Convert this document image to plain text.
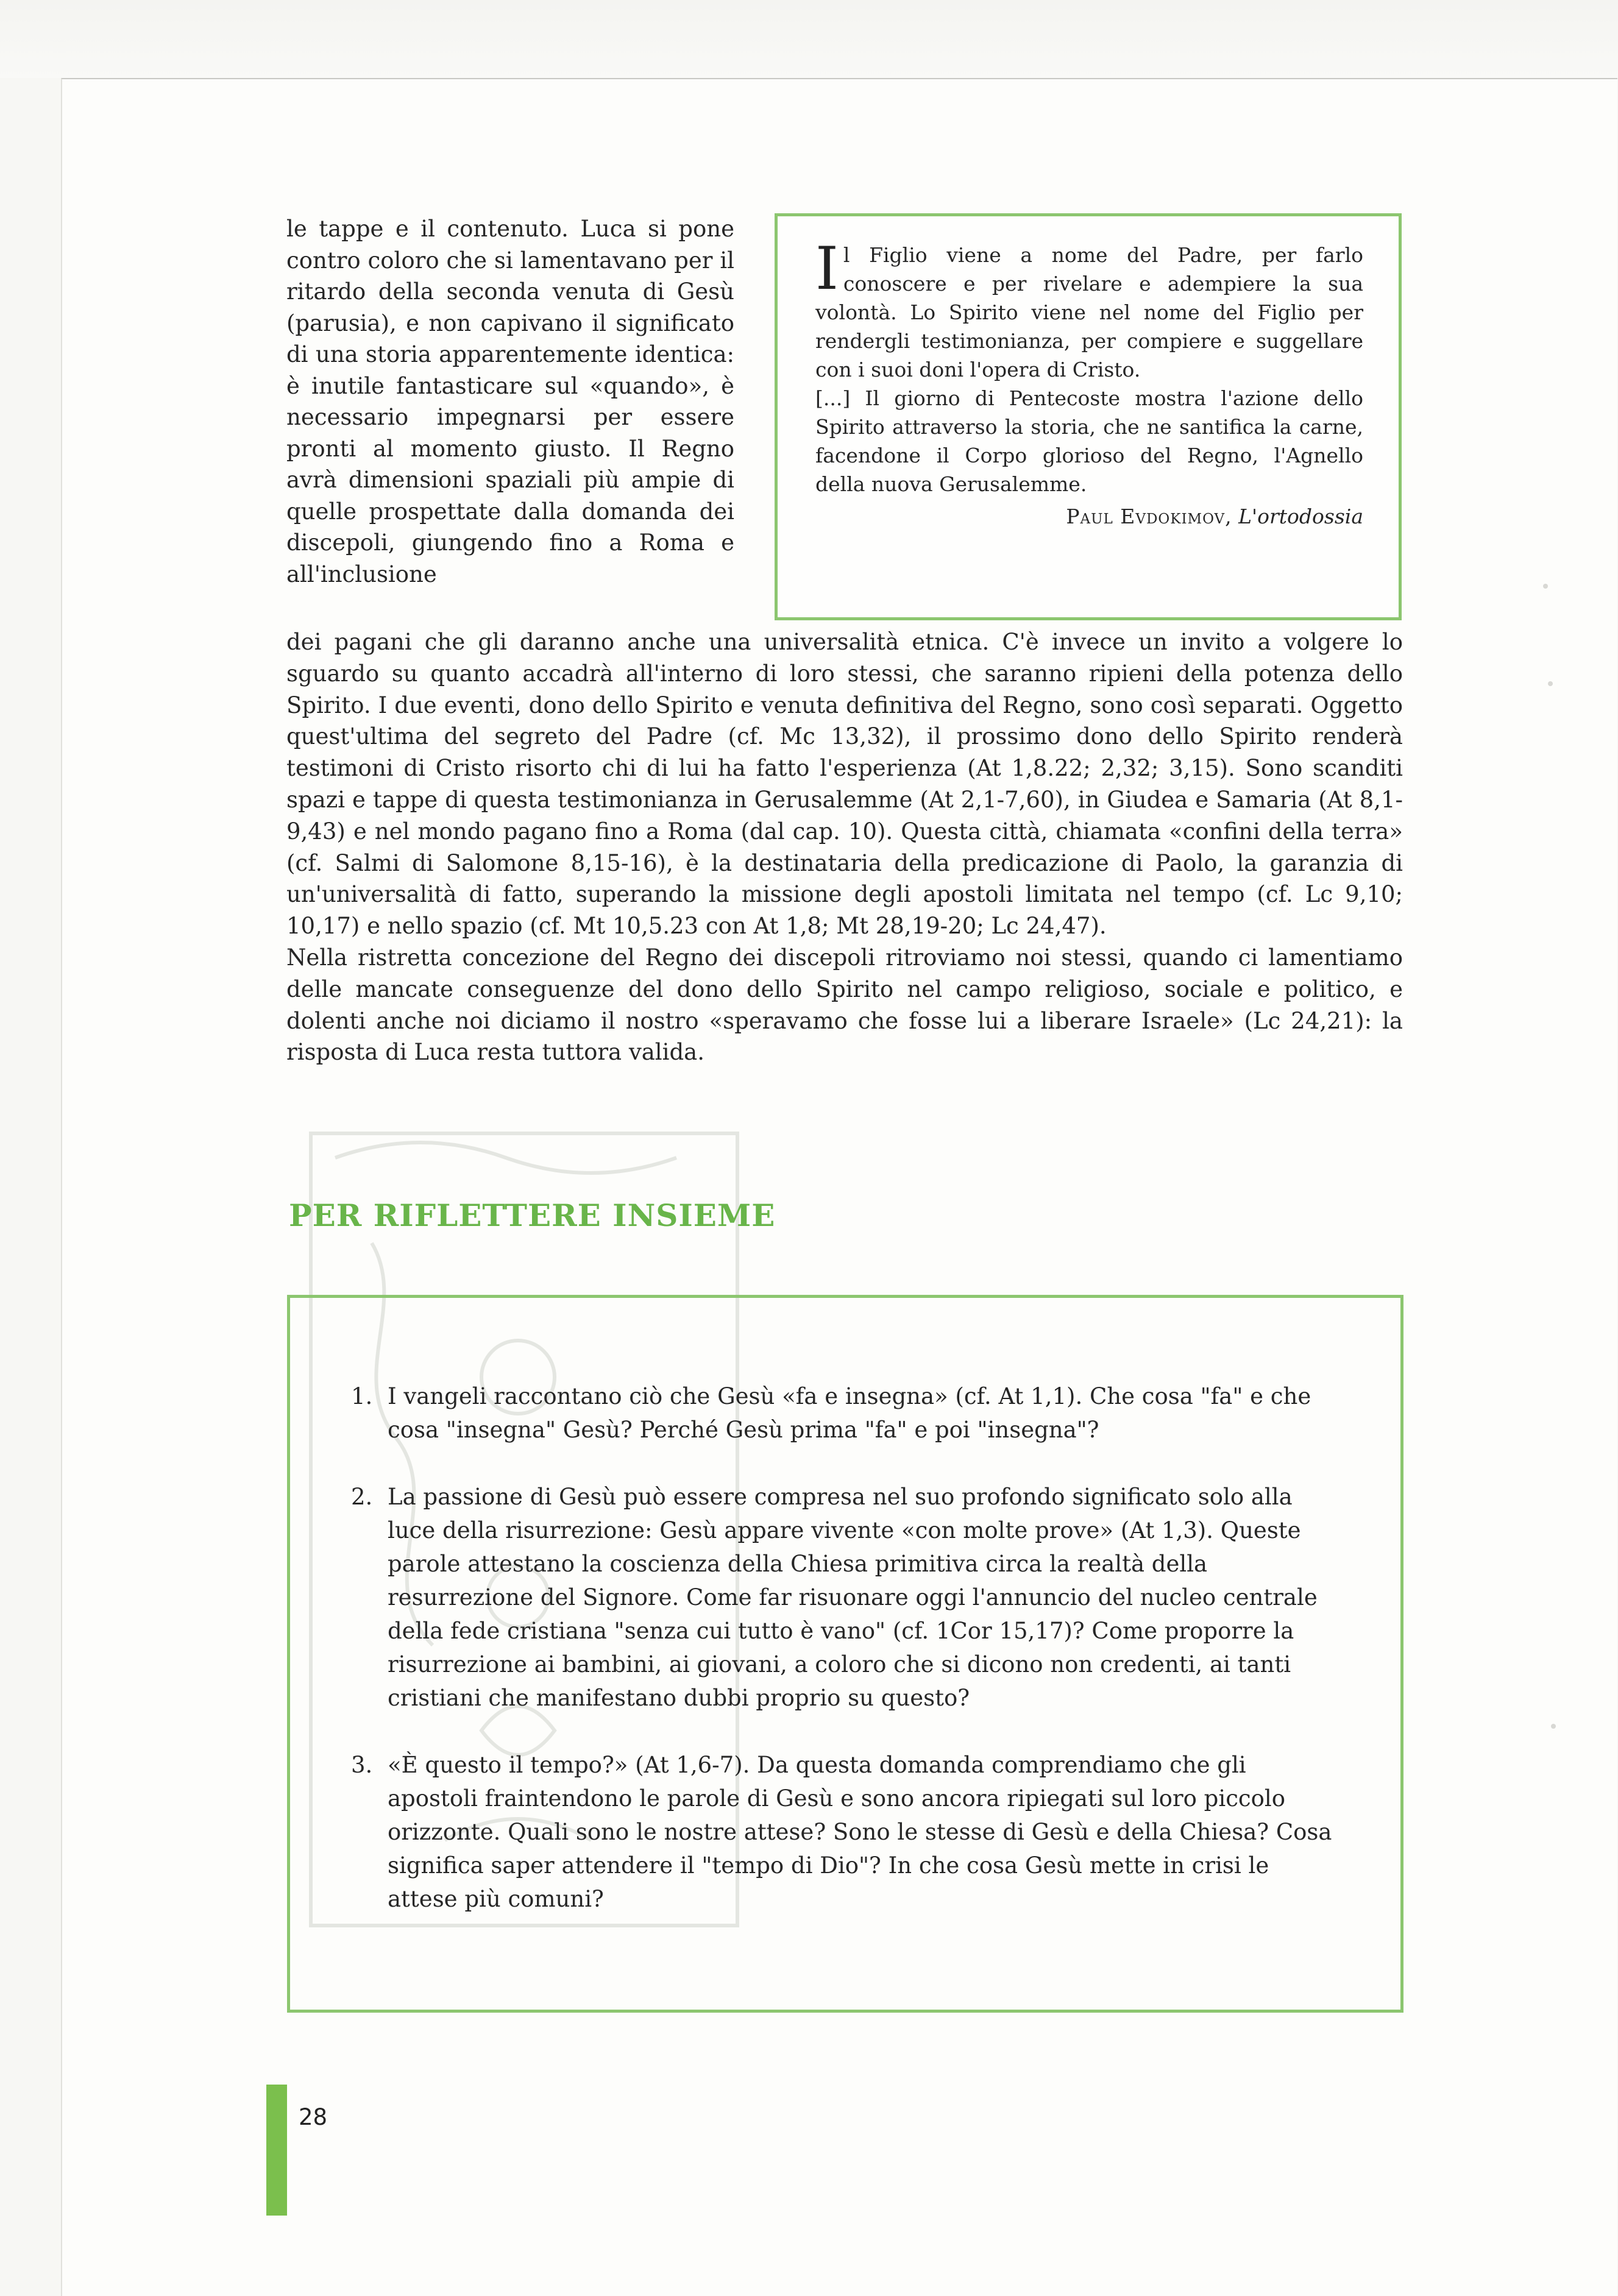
le tappe e il contenuto. Luca si pone contro coloro che si lamentavano per il ritardo della seconda venuta di Gesù (parusia), e non capivano il significato di una storia apparentemente identica: è inutile fantasticare sul «quando», è necessario impegnarsi per essere pronti al momento giusto. Il Regno avrà dimensioni spaziali più ampie di quelle prospettate dalla domanda dei discepoli, giungendo fino a Roma e all'inclusione

I l Figlio viene a nome del Padre, per farlo conoscere e per rivelare e adempiere la sua volontà. Lo Spirito viene nel nome del Figlio per rendergli testimonianza, per compiere e suggellare con i suoi doni l'opera di Cristo.

[...] Il giorno di Pentecoste mostra l'azione dello Spirito attraverso la storia, che ne santifica la carne, facendone il Corpo glorioso del Regno, l'Agnello della nuova Gerusalemme.

Paul Evdokimov, L'ortodossia

dei pagani che gli daranno anche una universalità etnica. C'è invece un invito a volgere lo sguardo su quanto accadrà all'interno di loro stessi, che saranno ripieni della potenza dello Spirito. I due eventi, dono dello Spirito e venuta definitiva del Regno, sono così separati. Oggetto quest'ultima del segreto del Padre (cf. Mc 13,32), il prossimo dono dello Spirito renderà testimoni di Cristo risorto chi di lui ha fatto l'esperienza (At 1,8.22; 2,32; 3,15). Sono scanditi spazi e tappe di questa testimonianza in Gerusalemme (At 2,1-7,60), in Giudea e Samaria (At 8,1-9,43) e nel mondo pagano fino a Roma (dal cap. 10). Questa città, chiamata «confini della terra» (cf. Salmi di Salomone 8,15-16), è la destinataria della predicazione di Paolo, la garanzia di un'universalità di fatto, superando la missione degli apostoli limitata nel tempo (cf. Lc 9,10; 10,17) e nello spazio (cf. Mt 10,5.23 con At 1,8; Mt 28,19-20; Lc 24,47).

Nella ristretta concezione del Regno dei discepoli ritroviamo noi stessi, quando ci lamentiamo delle mancate conseguenze del dono dello Spirito nel campo religioso, sociale e politico, e dolenti anche noi diciamo il nostro «speravamo che fosse lui a liberare Israele» (Lc 24,21): la risposta di Luca resta tuttora valida.

PER RIFLETTERE INSIEME
1. I vangeli raccontano ciò che Gesù «fa e insegna» (cf. At 1,1). Che cosa "fa" e che cosa "insegna" Gesù? Perché Gesù prima "fa" e poi "insegna"?
2. La passione di Gesù può essere compresa nel suo profondo significato solo alla luce della risurrezione: Gesù appare vivente «con molte prove» (At 1,3). Queste parole attestano la coscienza della Chiesa primitiva circa la realtà della resurrezione del Signore. Come far risuonare oggi l'annuncio del nucleo centrale della fede cristiana "senza cui tutto è vano" (cf. 1Cor 15,17)? Come proporre la risurrezione ai bambini, ai giovani, a coloro che si dicono non credenti, ai tanti cristiani che manifestano dubbi proprio su questo?
3. «È questo il tempo?» (At 1,6-7). Da questa domanda comprendiamo che gli apostoli fraintendono le parole di Gesù e sono ancora ripiegati sul loro piccolo orizzonte. Quali sono le nostre attese? Sono le stesse di Gesù e della Chiesa? Cosa significa saper attendere il "tempo di Dio"? In che cosa Gesù mette in crisi le attese più comuni?
28
